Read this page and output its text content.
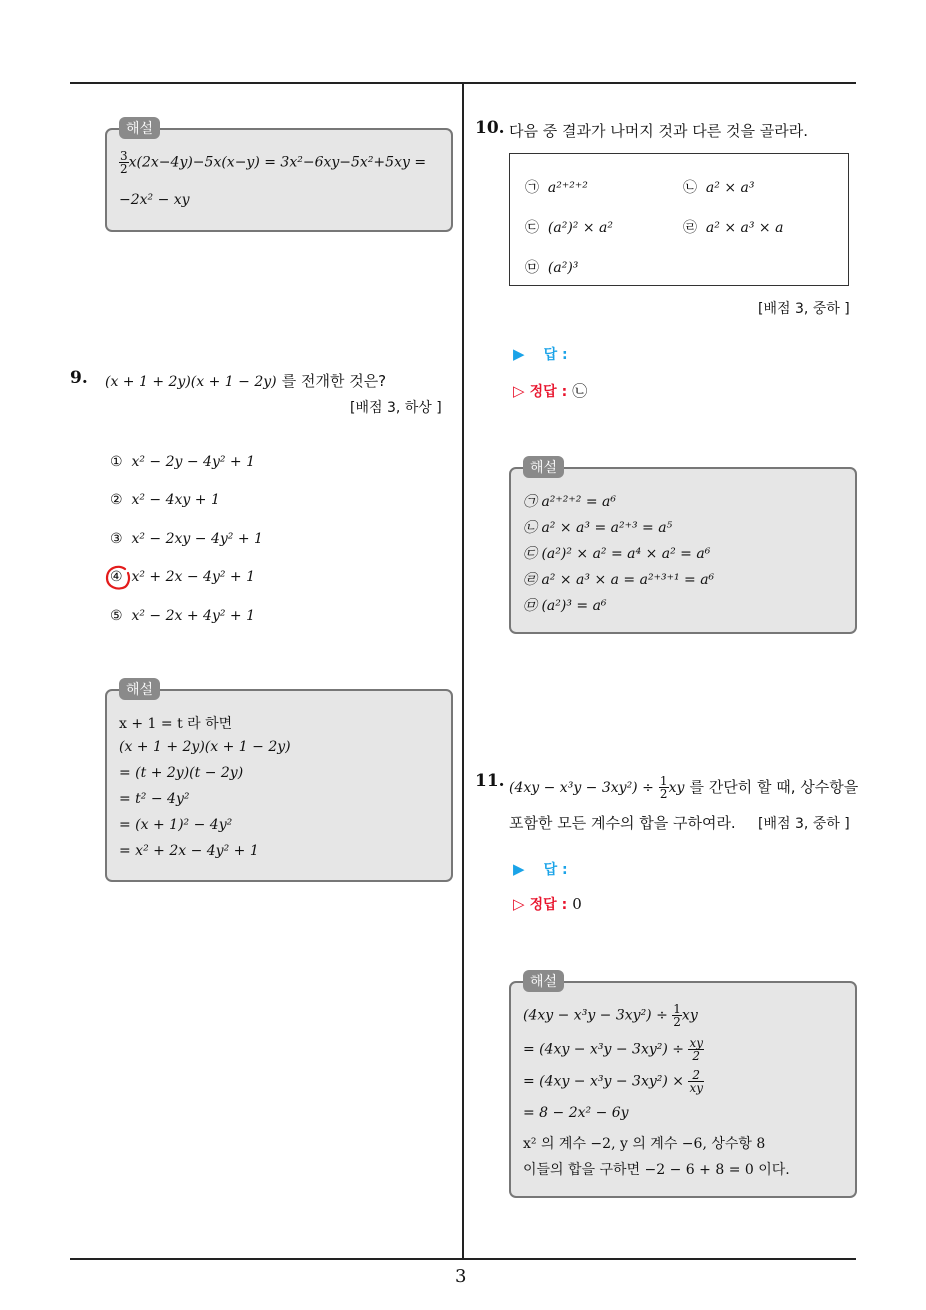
3
$\frac{3}{2} x(2x-4y)-5x(x-y) = 3x^2-6xy-5x^2+5xy$ =
−2x² − xy
해설
9. (x + 1 + 2y)(x + 1 − 2y) 를 전개한 것은?
[배점 3, 하상 ]
① x² − 2y − 4y² + 1
② x² − 4xy + 1
③ x² − 2xy − 4y² + 1
④ x² + 2x − 4y² + 1
⑤ x² − 2x + 4y² + 1
x + 1 = t 라 하면
(x + 1 + 2y)(x + 1 − 2y)
= (t + 2y)(t − 2y)
= t² − 4y²
= (x + 1)² − 4y²
= x² + 2x − 4y² + 1
해설
10. 다음 중 결과가 나머지 것과 다른 것을 골라라.
㉠ a²⁺²⁺²	㉡ a² × a³
㉢ (a²)² × a²	㉣ a² × a³ × a
㉤ (a²)³
[배점 3, 중하 ]
▶ 답 :
▷ 정답 : ㉡
㉠ a²⁺²⁺² = a⁶
㉡ a² × a³ = a²⁺³ = a⁵
㉢ (a²)² × a² = a⁴ × a² = a⁶
㉣ a² × a³ × a = a²⁺³⁺¹ = a⁶
㉤ (a²)³ = a⁶
해설
11. $(4xy - x^3y - 3xy^2) \div \frac{1}{2}$ xy 를 간단히 할 때, 상수항을
포함한 모든 계수의 합을 구하여라. [배점 3, 중하 ]
▶ 답 :
▷ 정답 : 0
$(4xy - x^3y - 3xy^2) \div \frac{1}{2}$ xy
= $(4xy - x^3y - 3xy^2) \div \frac{xy}{2}$
= $(4xy - x^3y - 3xy^2) \times \frac{2}{xy}$
= 8 − 2x² − 6y
x² 의 계수 −2, y 의 계수 −6, 상수항 8
이들의 합을 구하면 −2 − 6 + 8 = 0 이다.
해설
